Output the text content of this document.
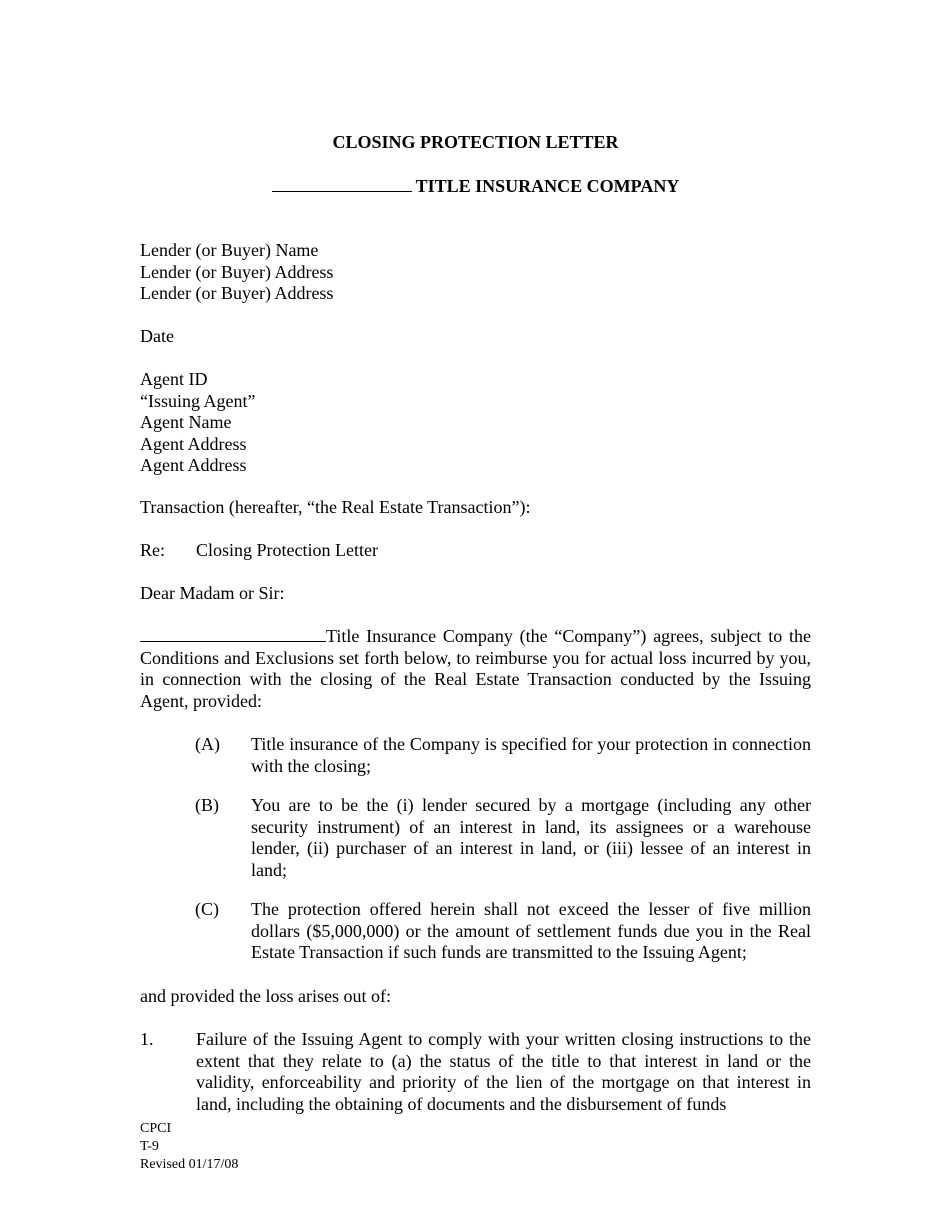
CLOSING PROTECTION LETTER
TITLE INSURANCE COMPANY
Lender (or Buyer) Name
Lender (or Buyer) Address
Lender (or Buyer) Address
Date
Agent ID
“Issuing Agent”
Agent Name
Agent Address
Agent Address
Transaction (hereafter, “the Real Estate Transaction”):
Re: Closing Protection Letter
Dear Madam or Sir:
Title Insurance Company (the “Company”) agrees, subject to the Conditions and Exclusions set forth below, to reimburse you for actual loss incurred by you, in connection with the closing of the Real Estate Transaction conducted by the Issuing Agent, provided:
(A) Title insurance of the Company is specified for your protection in connection with the closing;
(B) You are to be the (i) lender secured by a mortgage (including any other security instrument) of an interest in land, its assignees or a warehouse lender, (ii) purchaser of an interest in land, or (iii) lessee of an interest in land;
(C) The protection offered herein shall not exceed the lesser of five million dollars ($5,000,000) or the amount of settlement funds due you in the Real Estate Transaction if such funds are transmitted to the Issuing Agent;
and provided the loss arises out of:
1. Failure of the Issuing Agent to comply with your written closing instructions to the extent that they relate to (a) the status of the title to that interest in land or the validity, enforceability and priority of the lien of the mortgage on that interest in land, including the obtaining of documents and the disbursement of funds
CPCI
T-9
Revised 01/17/08
